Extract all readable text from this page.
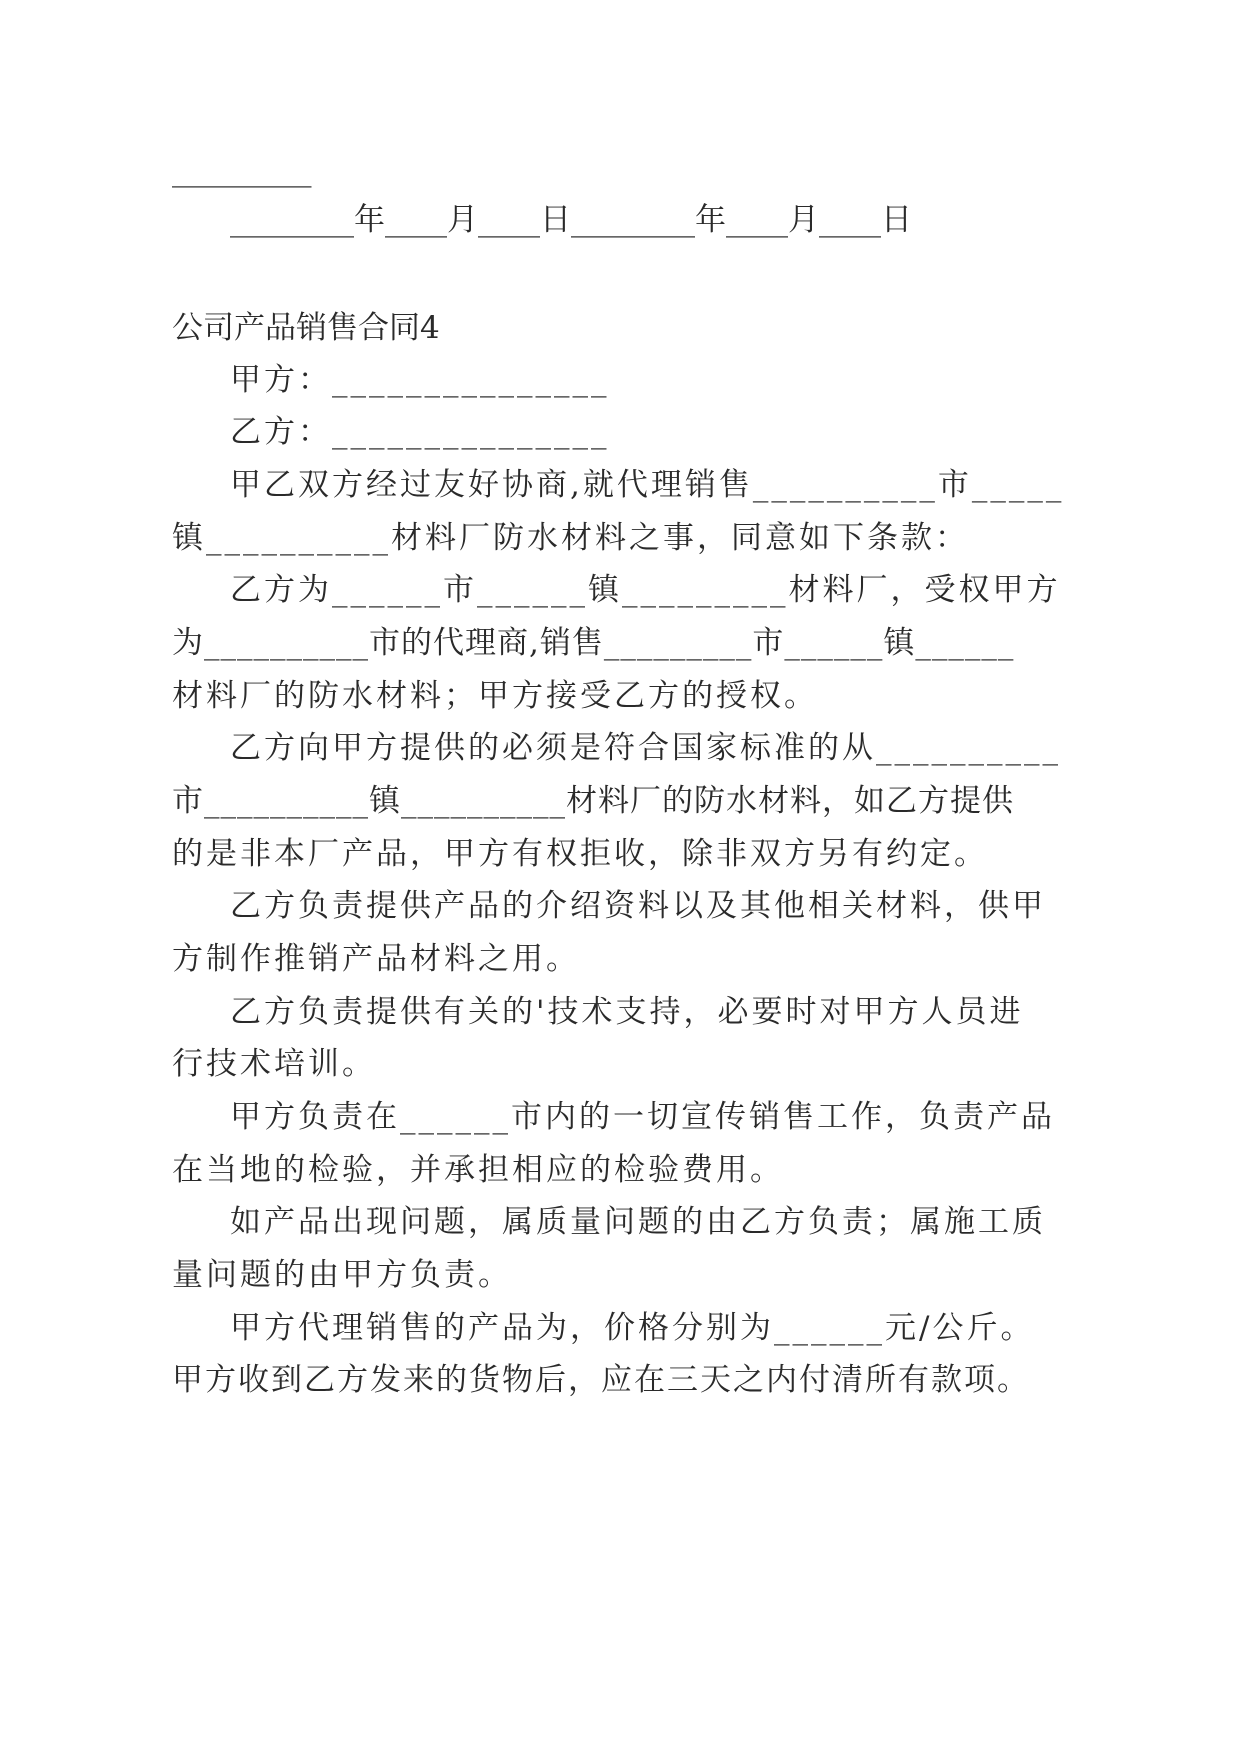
_________
________年____月____日________年____月____日
公司产品销售合同4
甲方：_______________
乙方：_______________
甲乙双方经过友好协商,就代理销售__________市_____
镇__________材料厂防水材料之事，同意如下条款：
乙方为______市______镇_________材料厂，受权甲方
为__________市的代理商,销售_________市______镇______
材料厂的防水材料；甲方接受乙方的授权。
乙方向甲方提供的必须是符合国家标准的从__________
市__________镇__________材料厂的防水材料，如乙方提供
的是非本厂产品，甲方有权拒收，除非双方另有约定。
乙方负责提供产品的介绍资料以及其他相关材料，供甲
方制作推销产品材料之用。
乙方负责提供有关的'技术支持，必要时对甲方人员进
行技术培训。
甲方负责在______市内的一切宣传销售工作，负责产品
在当地的检验，并承担相应的检验费用。
如产品出现问题，属质量问题的由乙方负责；属施工质
量问题的由甲方负责。
甲方代理销售的产品为，价格分别为______元/公斤。
甲方收到乙方发来的货物后，应在三天之内付清所有款项。
